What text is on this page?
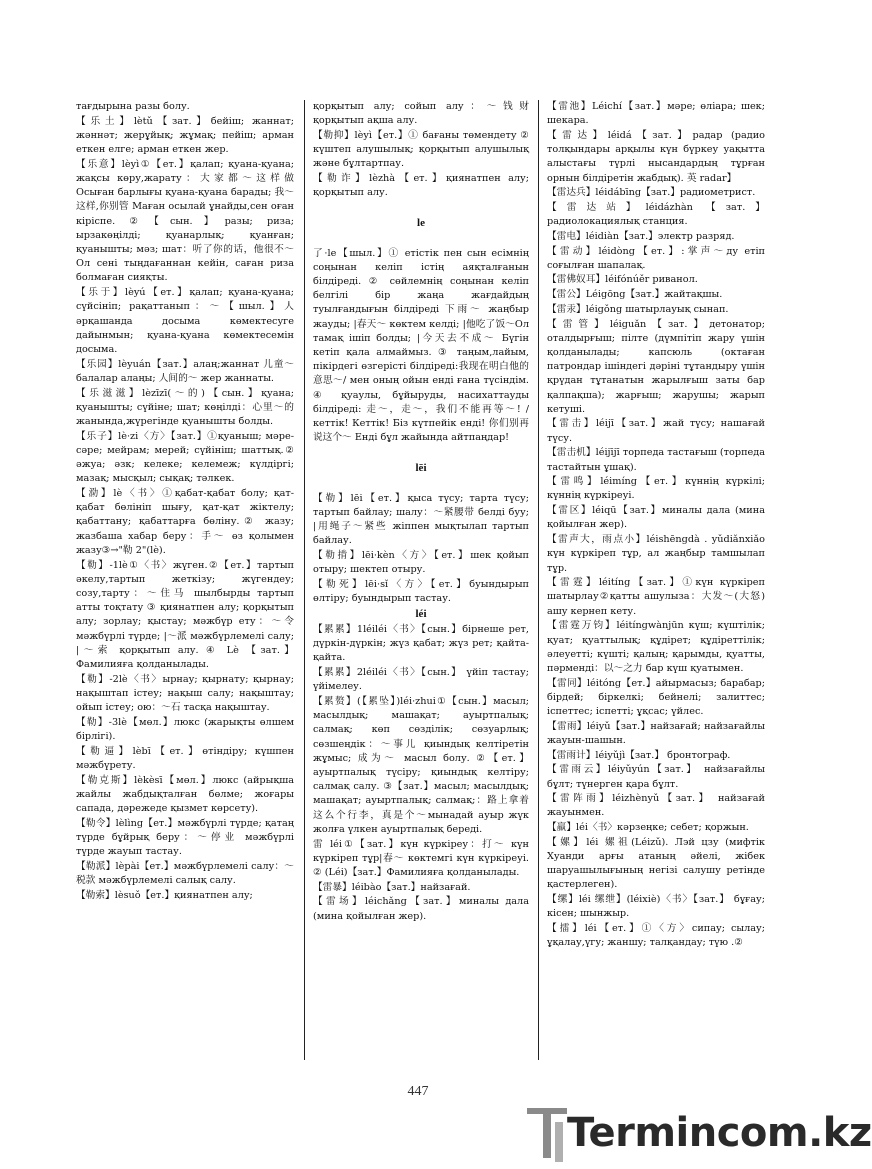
тағдырына разы болу.

【乐土】lètǔ【зат.】бейіш; жаннат; жәннәт; жерұйық; жұмақ; пейіш; арман еткен елге; арман еткен жер.

【乐意】lèyì①【ет.】қалап; қуана-қуана; жақсы көру,жарату：大家都～这样做 Осыған барлығы қуана-қуана барады; 我～这样,你别管 Маған осылай ұнайды,сен оған кіріспе. ②【сын.】разы; риза; ырзакөңілді; қуанарлық; қуанған; қуанышты; мәз; шат：听了你的话，他很不～ Ол сені тыңдағаннан кейін, саған риза болмаған сияқты.

【乐于】lèyú【ет.】қалап; қуана-қуана; сүйсініп; рақаттанып：～【шыл.】人 әрқашанда досыма көмектесуге дайынмын; қуана-қуана көмектесемін досыма.

【乐园】lèyuán【зат.】алаң;жаннат 儿童～балалар алаңы; 人间的～ жер жаннаты.

【乐滋滋】lèzīzī(～的)【сын.】қуана; қуанышты; сүйіне; шат; көңілді：心里～的 жанында,жүрегінде қуанышты болды.

【乐子】lè·zi〈方〉【зат.】①қуаныш; мәре-сәре; мейрам; мерей; сүйініш; шаттық.② әжуа; әзк; келеке; келемеж; күлдіргі; мазақ; мысқыл; сықақ; тәлкек.

【泐】lè〈书〉①қабат-қабат болу; қат-қабат бөлініп шығу, қат-қат жіктелу; қабаттану; қабаттарға бөліну.② жазу; жазбаша хабар беру：手～ өз қолымен жазу③→"勒 2"(lè).

【勒】-1lè①〈书〉жүген.②【ет.】тартып әкелу,тартып жеткізу; жүгендеу; созу,тарту：～住马 шылбырды тартып атты тоқтату ③ қиянатпен алу; қорқытып алу; зорлау; қыстау; мәжбүр ету：～令 мәжбүрлі түрде; |～派 мәжбүрлемелі салу; |～索 қорқытып алу. ④ Lè 【зат.】 Фамилияға қолданылады.

【勒】-2lè〈书〉ырнау; қырнату; қырнау; нақыштап істеу; нақыш салу; нақыштау; ойып істеу; ою：～石 тасқа нақыштау.

【勒】-3lè【мөл.】люкс (жарықты өлшем бірлігі).

【勒逼】lèbī【ет.】өтіндіру; күшпен мәжбүрету.

【勒克斯】lèkèsī【мөл.】люкс (айрықша жайлы жабдықталған бөлме; жоғары сапада, дәрежеде қызмет көрсету).

【勒令】lèlìng【ет.】мәжбүрлі түрде; қатаң түрде бұйрық беру：～停业 мәжбүрлі түрде жауып тастау.

【勒派】lèpài【ет.】мәжбүрлемелі салу：～税款 мәжбүрлемелі салық салу.

【勒索】lèsuǒ【ет.】қиянатпен алу;

қорқытып алу; сойып алу：～钱财 қорқытып ақша алу.

【勒抑】lèyì【ет.】① бағаны төмендету ② күштеп алушылық; қорқытып алушылық және бұлтартпау.

【勒诈】lèzhà【ет.】қиянатпен алу; қорқытып алу.

le

了·le【шыл.】① етістік пен сын есімнің соңынан келіп істің аяқталғанын білдіреді. ② сөйлемнің соңынан келіп белгілі бір жаңа жағдайдың туылғандығын білдіреді 下雨～ жаңбыр жауды; |春天～ көктем келді; |他吃了饭～Ол тамақ ішіп болды; |今天去不成～ Бүгін кетіп қала алмаймыз. ③ таңым,лайым, пікірдегі өзгерісті білдіреді:我现在明白他的意思～/ мен оның ойын енді ғана түсіндім. ④ қуаулы, бұйыруды, насихаттауды білдіреді: 走～，走～，我们不能再等～! / кеттік! Кеттік! Біз күтпейік енді! 你们别再说这个～ Енді бұл жайында айтпаңдар!

lēi

【勒】lēi【ет.】қыса түсу; тарта түсу; тартып байлау; шалу：～紧腰带 белді буу; |用绳子～紧些 жіппен мықтылап тартып байлау.

【勒掯】lēi·kèn〈方〉【ет.】шек қойып отыру; шектеп отыру.

【勒死】lēi·sǐ〈方〉【ет.】буындырып өлтіру; буындырып тастау.

léi

【累累】1léiléi〈书〉【сын.】бірнеше рет, дүркін-дүркін; жүз қабат; жүз рет; қайта-қайта.

【累累】2léiléi〈书〉【сын.】 үйіп тастау; үйімелеу.

【累赘】(【累坠】)léi·zhui①【сын.】масыл; масылдық; машақат; ауыртпалық; салмақ; көп сөзділік; сөзуарлық; сөзшеңдік：～事儿 қиындық келтіретін жұмыс; 成为～ масыл болу. ②【ет.】ауыртпалық түсіру; қиындық келтіру; салмақ салу. ③【зат.】масыл; масылдық; машақат; ауыртпалық; салмақ;：路上拿着这么个行李，真是个～мынадай ауыр жүк жолға үлкен ауыртпалық береді.

雷 léi①【зат.】күн күркіреу：打～ күн күркіреп тұр|春～ көктемгі күн күркіреуі. ② (Léi)【зат.】Фамилияға қолданылады.

【雷暴】léibào【зат.】найзағай.

【雷场】léichǎng【зат.】миналы дала (мина қойылған жер).

【雷池】Léichí【зат.】мәре; өліара; шек; шекара.

【雷达】léidá【зат.】радар (радио толқындары арқылы күн бүркеу уақытта алыстағы түрлі нысандардың тұрған орнын білдіретін жабдық). 英 radar】

【雷达兵】léidábīng【зат.】радиометрист.

【雷达站】léidázhàn 【зат.】 радиолокациялық станция.

【雷电】léidiàn【зат.】электр разряд.

【雷动】léidòng【ет.】:掌声～ду етіп соғылған шапалақ.

【雷佛奴耳】léifónúěr риванол.

【雷公】Léigōng【зат.】жайтақшы.

【雷汞】léigǒng шатырлауық сынап.

【雷管】léiguǎn【зат.】детонатор; оталдырғыш; пілте (дүмпітіп жару үшін қолданылады; капсюль (октаған патрондар ішіндегі дәрінi тұтандыру үшін қрүдан тұтанатын жарылғыш заты бар қалпақша); жарғыш; жарушы; жарып кетуші.

【雷击】léijī【зат.】жай түсу; нашағай түсу.

【雷击机】léijījī торпеда тастағыш (торпеда тастайтын ұшақ).

【雷鸣】léimíng【ет.】күннің күркілі; күннің күркіреуі.

【雷区】léiqū【зат.】миналы дала (мина қойылған жер).

【雷声大，雨点小】léishēngdà . yǔdiǎnxiǎo күн күркіреп тұр, ал жаңбыр тамшылап тұр.

【雷霆】léitíng【зат.】①күн күркіреп шатырлау②қатты ашулыза：大发～(大怒) ашу кернеп кету.

【雷霆万钧】léitíngwànjūn күш; күштілік; қуат; қуаттылық; құдірет; құдіреттілік; әлеуетті; күшті; қалың; қарымды, қуатты, пәрменді：以～之力 бар күш қуатымен.

【雷同】léitóng【ет.】айырмасыз; барабар; бірдей; біркелкі; бейнелі; залиттес; іспеттес; іспетті; ұқсас; үйлес.

【雷雨】léiyǔ【зат.】найзағай; найзағайлы жауын-шашын.

【雷雨计】léiyǔjì【зат.】 бронтограф.

【雷雨云】léiyǔyún【зат.】 найзағайлы бұлт; түнерген қара бұлт.

【雷阵雨】léizhènyǔ【зат.】 найзағай жауынмен.

【羸】léi〈书〉кәрзеңке; себет; қоржын.

【嫘】léi 嫘祖(Léizǔ). Лэй цзу (мифтік Хуанди арғы атаның әйелі, жібек шаруашылығының негізі салушу ретінде қастерлеген).

【缧】léi 缧绁】(léixiè)〈书〉【зат.】 бұғау; кісен; шынжыр.

【擂】léi【ет.】①〈方〉сипау; сылау; ұқалау,үгу; жаншу; талқандау; түю .②

447
Termincom.kz
